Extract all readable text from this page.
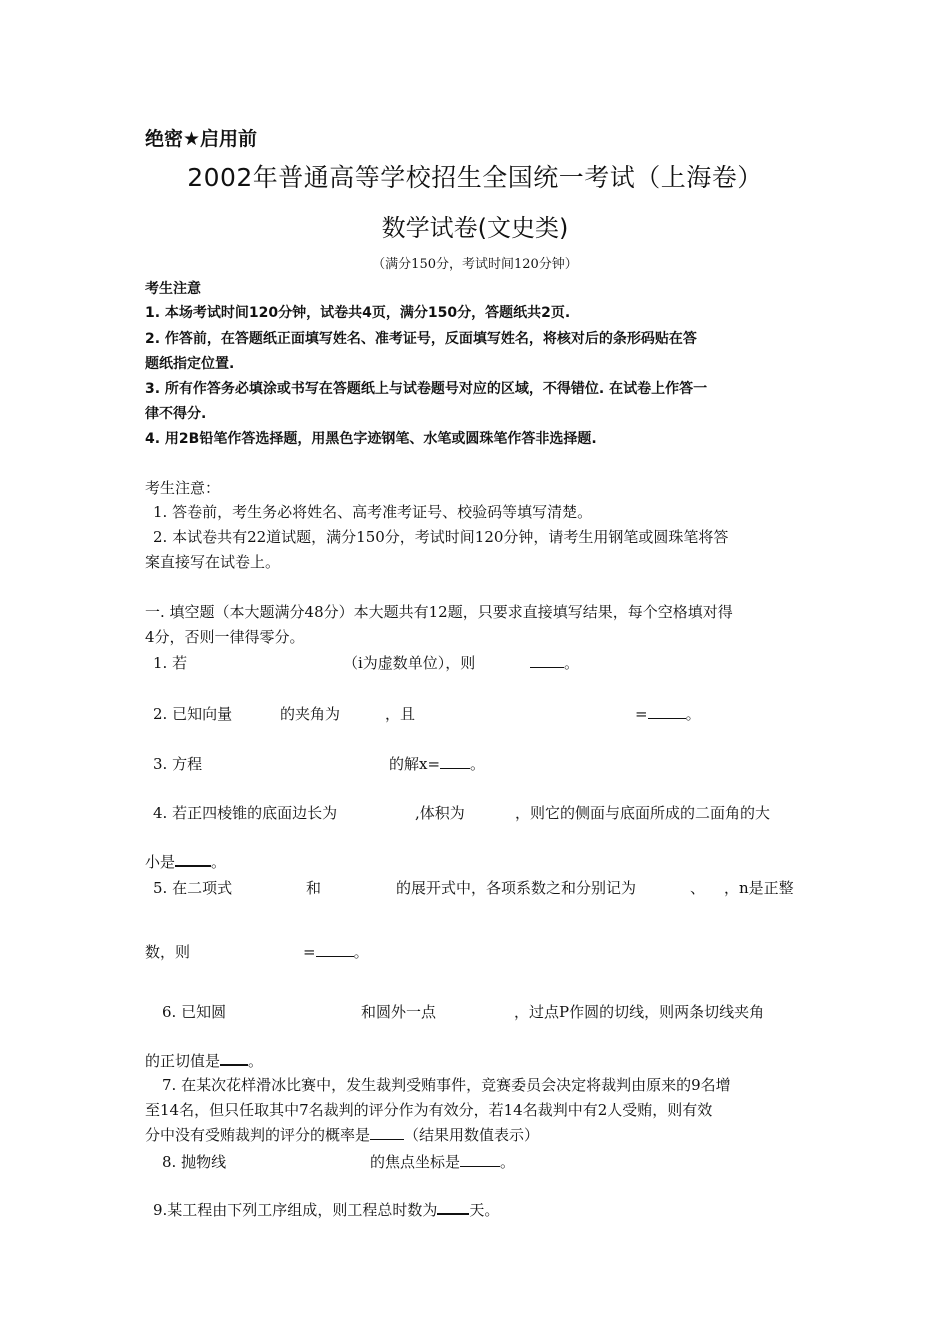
绝密★启用前
2002年普通高等学校招生全国统一考试（上海卷）
数学试卷(文史类)
（满分150分，考试时间120分钟）
考生注意
1. 本场考试时间120分钟，试卷共4页，满分150分，答题纸共2页.
2. 作答前，在答题纸正面填写姓名、准考证号，反面填写姓名，将核对后的条形码贴在答
题纸指定位置.
3. 所有作答务必填涂或书写在答题纸上与试卷题号对应的区域，不得错位. 在试卷上作答一
律不得分.
4. 用2B铅笔作答选择题，用黑色字迹钢笔、水笔或圆珠笔作答非选择题.
考生注意：
1. 答卷前，考生务必将姓名、高考准考证号、校验码等填写清楚。
2. 本试卷共有22道试题，满分150分，考试时间120分钟，请考生用钢笔或圆珠笔将答
案直接写在试卷上。
一. 填空题（本大题满分48分）本大题共有12题，只要求直接填写结果，每个空格填对得
4分，否则一律得零分。
1. 若	（i为虚数单位），则	。
2. 已知向量	的夹角为	，且	=	。
3. 方程	的解x= 。
4. 若正四棱锥的底面边长为	,体积为	，则它的侧面与底面所成的二面角的大
小是 。
5. 在二项式	和	的展开式中，各项系数之和分别记为	、 ，n是正整
数，则	=	。
6. 已知圆	和圆外一点	，过点P作圆的切线，则两条切线夹角
的正切值是 。
7. 在某次花样滑冰比赛中，发生裁判受贿事件，竞赛委员会决定将裁判由原来的9名增
至14名，但只任取其中7名裁判的评分作为有效分，若14名裁判中有2人受贿，则有效
分中没有受贿裁判的评分的概率是 （结果用数值表示）
8. 抛物线	的焦点坐标是	。
9.某工程由下列工序组成，则工程总时数为 天。
